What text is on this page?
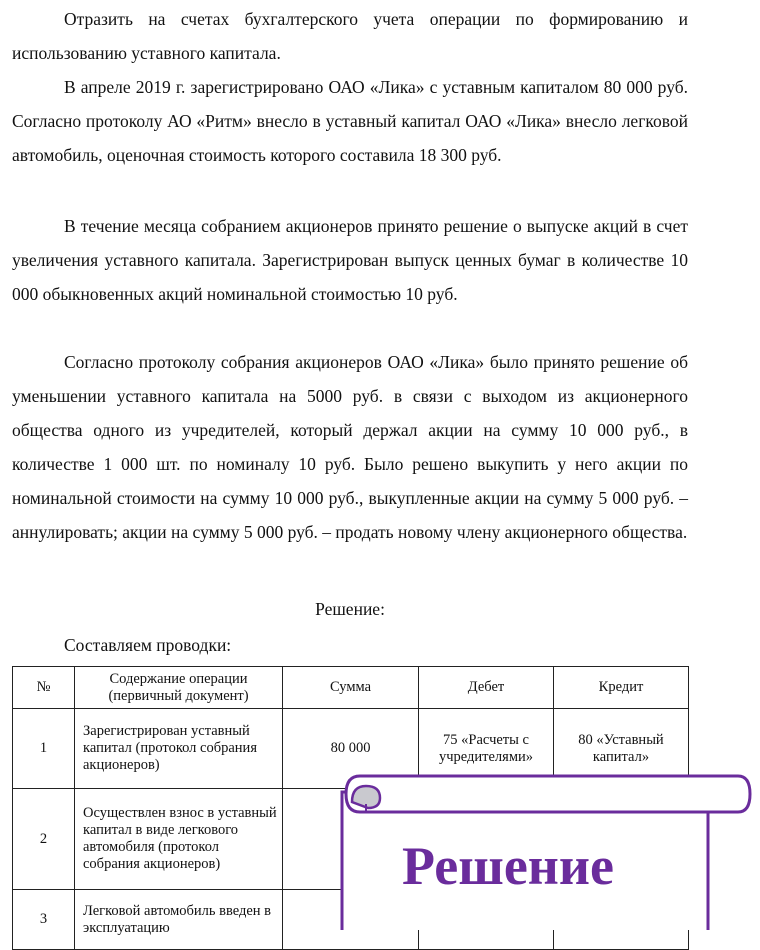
Отразить на счетах бухгалтерского учета операции по формированию и использованию уставного капитала.

В апреле 2019 г. зарегистрировано ОАО «Лика» с уставным капиталом 80 000 руб. Согласно протоколу АО «Ритм» внесло в уставный капитал ОАО «Лика» внесло легковой автомобиль, оценочная стоимость которого составила 18 300 руб.

В течение месяца собранием акционеров принято решение о выпуске акций в счет увеличения уставного капитала. Зарегистрирован выпуск ценных бумаг в количестве 10 000 обыкновенных акций номинальной стоимостью 10 руб.

Согласно протоколу собрания акционеров ОАО «Лика» было принято решение об уменьшении уставного капитала на 5000 руб. в связи с выходом из акционерного общества одного из учредителей, который держал акции на сумму 10 000 руб., в количестве 1 000 шт. по номиналу 10 руб. Было решено выкупить у него акции по номинальной стоимости на сумму 10 000 руб., выкупленные акции на сумму 5 000 руб. – аннулировать; акции на сумму 5 000 руб. – продать новому члену акционерного общества.

Решение:
Составляем проводки:
№	Содержание операции (первичный документ)	Сумма	Дебет	Кредит
1	Зарегистрирован уставный капитал (протокол собрания акционеров)	80 000	75 «Расчеты с учредителями»	80 «Уставный капитал»
2	Осуществлен взнос в уставный капитал в виде легкового автомобиля (протокол собрания акционеров)			
3	Легковой автомобиль введен в эксплуатацию			
Решение
